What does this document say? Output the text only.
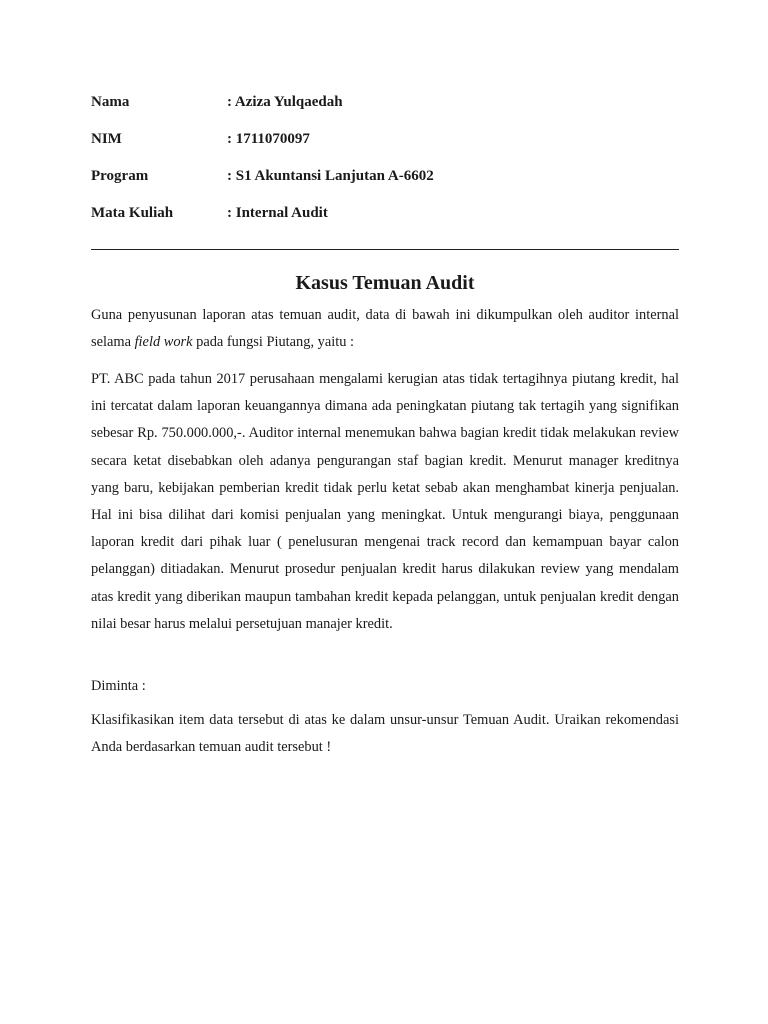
Nama	: Aziza Yulqaedah
NIM	: 1711070097
Program	: S1 Akuntansi Lanjutan A-6602
Mata Kuliah	: Internal Audit
Kasus Temuan Audit

Guna penyusunan laporan atas temuan audit, data di bawah ini dikumpulkan oleh auditor internal selama field work pada fungsi Piutang, yaitu :

PT. ABC pada tahun 2017 perusahaan mengalami kerugian atas tidak tertagihnya piutang kredit, hal ini tercatat dalam laporan keuangannya dimana ada peningkatan piutang tak tertagih yang signifikan sebesar Rp. 750.000.000,-. Auditor internal menemukan bahwa bagian kredit tidak melakukan review secara ketat disebabkan oleh adanya pengurangan staf bagian kredit. Menurut manager kreditnya yang baru, kebijakan pemberian kredit tidak perlu ketat sebab akan menghambat kinerja penjualan. Hal ini bisa dilihat dari komisi penjualan yang meningkat. Untuk mengurangi biaya, penggunaan laporan kredit dari pihak luar ( penelusuran mengenai track record dan kemampuan bayar calon pelanggan) ditiadakan. Menurut prosedur penjualan kredit harus dilakukan review yang mendalam atas kredit yang diberikan maupun tambahan kredit kepada pelanggan, untuk penjualan kredit dengan nilai besar harus melalui persetujuan manajer kredit.

Diminta :

Klasifikasikan item data tersebut di atas ke dalam unsur-unsur Temuan Audit. Uraikan rekomendasi Anda berdasarkan temuan audit tersebut !
